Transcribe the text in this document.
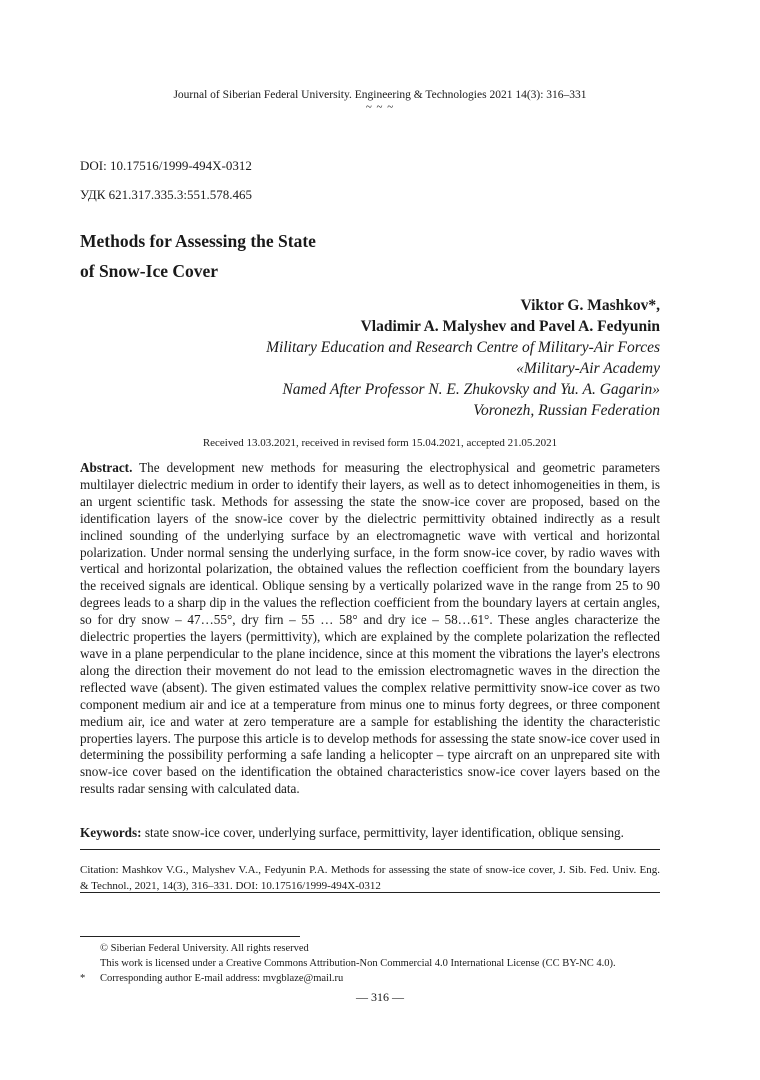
Journal of Siberian Federal University. Engineering & Technologies 2021 14(3): 316–331
~ ~ ~
DOI: 10.17516/1999-494X-0312
УДК 621.317.335.3:551.578.465
Methods for Assessing the State
of Snow-Ice Cover
Viktor G. Mashkov*,
Vladimir A. Malyshev and Pavel A. Fedyunin
Military Education and Research Centre of Military-Air Forces
«Military-Air Academy
Named After Professor N. E. Zhukovsky and Yu. A. Gagarin»
Voronezh, Russian Federation
Received 13.03.2021, received in revised form 15.04.2021, accepted 21.05.2021
Abstract. The development new methods for measuring the electrophysical and geometric parameters multilayer dielectric medium in order to identify their layers, as well as to detect inhomogeneities in them, is an urgent scientific task. Methods for assessing the state the snow-ice cover are proposed, based on the identification layers of the snow-ice cover by the dielectric permittivity obtained indirectly as a result inclined sounding of the underlying surface by an electromagnetic wave with vertical and horizontal polarization. Under normal sensing the underlying surface, in the form snow-ice cover, by radio waves with vertical and horizontal polarization, the obtained values the reflection coefficient from the boundary layers the received signals are identical. Oblique sensing by a vertically polarized wave in the range from 25 to 90 degrees leads to a sharp dip in the values the reflection coefficient from the boundary layers at certain angles, so for dry snow – 47…55°, dry firn – 55 … 58° and dry ice – 58…61°. These angles characterize the dielectric properties the layers (permittivity), which are explained by the complete polarization the reflected wave in a plane perpendicular to the plane incidence, since at this moment the vibrations the layer's electrons along the direction their movement do not lead to the emission electromagnetic waves in the direction the reflected wave (absent). The given estimated values the complex relative permittivity snow-ice cover as two component medium air and ice at a temperature from minus one to minus forty degrees, or three component medium air, ice and water at zero temperature are a sample for establishing the identity the characteristic properties layers. The purpose this article is to develop methods for assessing the state snow-ice cover used in determining the possibility performing a safe landing a helicopter – type aircraft on an unprepared site with snow-ice cover based on the identification the obtained characteristics snow-ice cover layers based on the results radar sensing with calculated data.
Keywords: state snow-ice cover, underlying surface, permittivity, layer identification, oblique sensing.
Citation: Mashkov V.G., Malyshev V.A., Fedyunin P.A. Methods for assessing the state of snow-ice cover, J. Sib. Fed. Univ. Eng. & Technol., 2021, 14(3), 316–331. DOI: 10.17516/1999-494X-0312
© Siberian Federal University. All rights reserved
This work is licensed under a Creative Commons Attribution-Non Commercial 4.0 International License (CC BY-NC 4.0).
* Corresponding author E-mail address: mvgblaze@mail.ru
— 316 —
